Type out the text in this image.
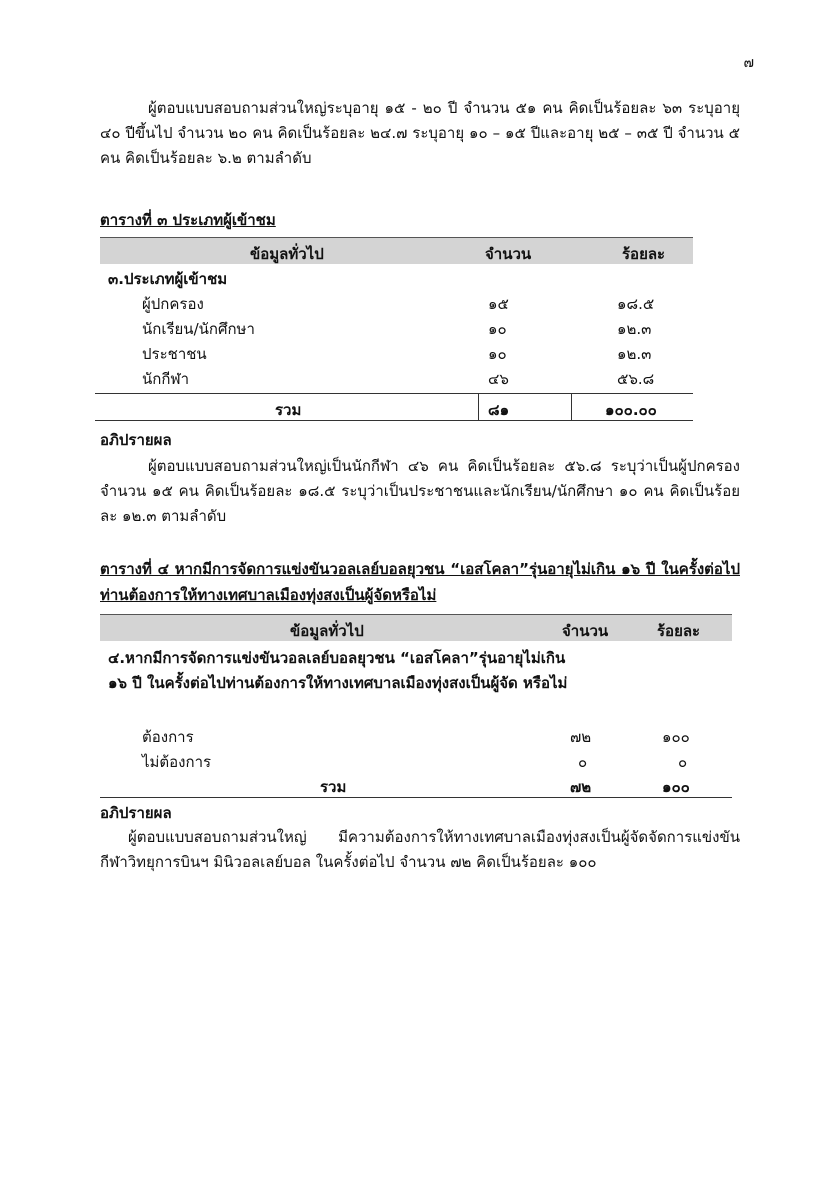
๗
ผู้ตอบแบบสอบถามส่วนใหญ่ระบุอายุ ๑๕ - ๒๐ ปี จำนวน ๕๑ คน คิดเป็นร้อยละ ๖๓ ระบุอายุ ๔๐ ปีขึ้นไป จำนวน ๒๐ คน คิดเป็นร้อยละ ๒๔.๗ ระบุอายุ ๑๐ – ๑๕ ปีและอายุ ๒๕ – ๓๕ ปี จำนวน ๕ คน คิดเป็นร้อยละ ๖.๒ ตามลำดับ
ตารางที่ ๓ ประเภทผู้เข้าชม
ข้อมูลทั่วไป	จำนวน	ร้อยละ
๓.ประเภทผู้เข้าชม
ผู้ปกครอง	๑๕	๑๘.๕
นักเรียน/นักศึกษา	๑๐	๑๒.๓
ประชาชน	๑๐	๑๒.๓
นักกีฬา	๔๖	๕๖.๘
รวม	๘๑	๑๐๐.๐๐
อภิปรายผล
ผู้ตอบแบบสอบถามส่วนใหญ่เป็นนักกีฬา ๔๖ คน คิดเป็นร้อยละ ๕๖.๘ ระบุว่าเป็นผู้ปกครอง จำนวน ๑๕ คน คิดเป็นร้อยละ ๑๘.๕ ระบุว่าเป็นประชาชนและนักเรียน/นักศึกษา ๑๐ คน คิดเป็นร้อยละ ๑๒.๓ ตามลำดับ
ตารางที่ ๔ หากมีการจัดการแข่งขันวอลเลย์บอลยุวชน “เอสโคลา”รุ่นอายุไม่เกิน ๑๖ ปี ในครั้งต่อไปท่านต้องการให้ทางเทศบาลเมืองทุ่งสงเป็นผู้จัดหรือไม่
ข้อมูลทั่วไป	จำนวน	ร้อยละ
๔.หากมีการจัดการแข่งขันวอลเลย์บอลยุวชน “เอสโคลา”รุ่นอายุไม่เกิน ๑๖ ปี ในครั้งต่อไปท่านต้องการให้ทางเทศบาลเมืองทุ่งสงเป็นผู้จัด หรือไม่
ต้องการ	๗๒	๑๐๐
ไม่ต้องการ	๐	๐
รวม	๗๒	๑๐๐
อภิปรายผล
ผู้ตอบแบบสอบถามส่วนใหญ่ มีความต้องการให้ทางเทศบาลเมืองทุ่งสงเป็นผู้จัดจัดการแข่งขันกีฬาวิทยุการบินฯ มินิวอลเลย์บอล ในครั้งต่อไป จำนวน ๗๒ คิดเป็นร้อยละ ๑๐๐
